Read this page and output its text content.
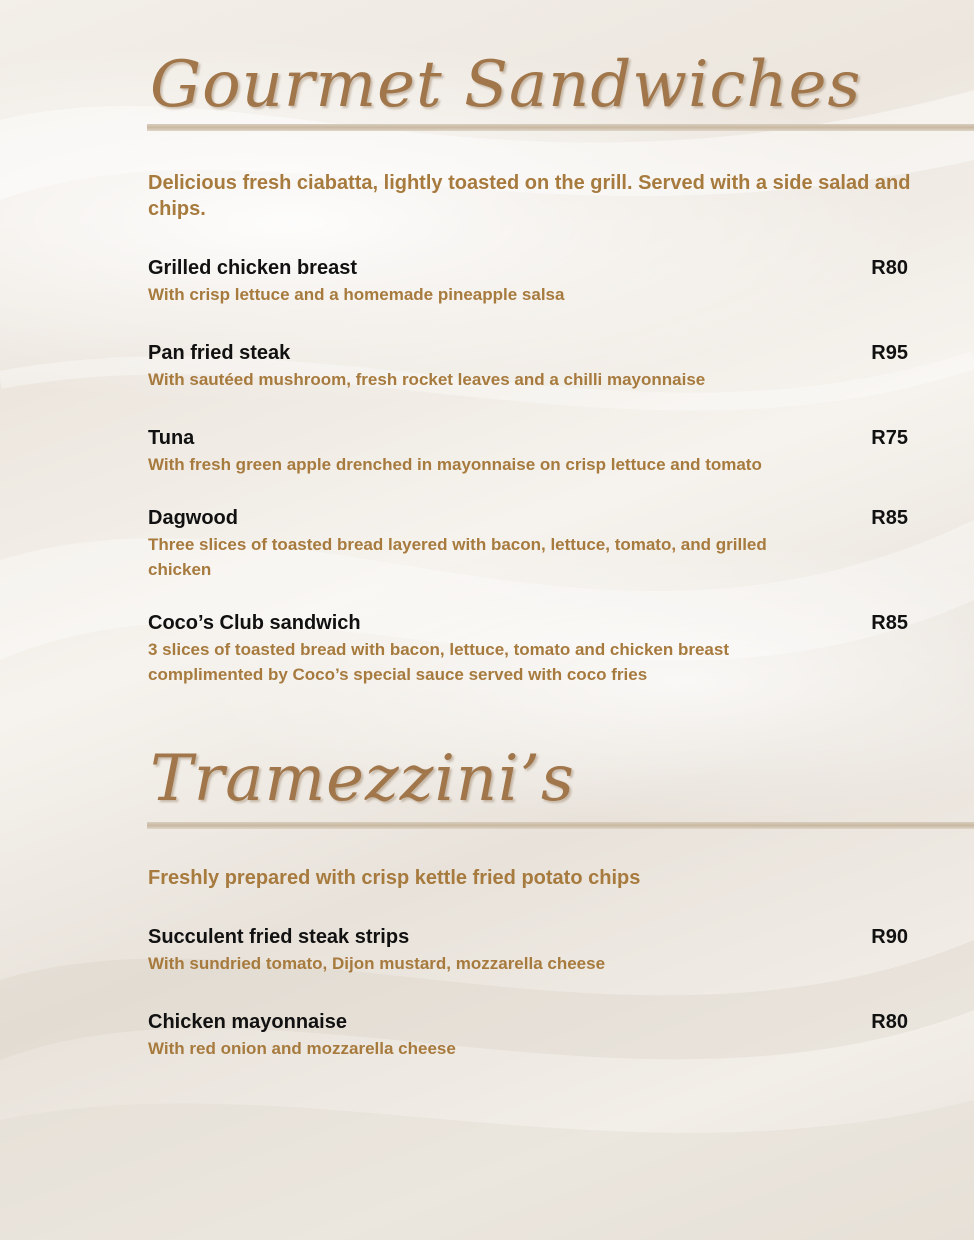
Gourmet Sandwiches
Delicious fresh ciabatta, lightly toasted on the grill. Served with a side salad and chips.
Grilled chicken breast	R80
With crisp lettuce and a homemade pineapple salsa
Pan fried steak	R95
With sautéed mushroom, fresh rocket leaves and a chilli mayonnaise
Tuna	R75
With fresh green apple drenched in mayonnaise on crisp lettuce and tomato
Dagwood	R85
Three slices of toasted bread layered with bacon, lettuce, tomato, and grilled chicken
Coco’s Club sandwich	R85
3 slices of toasted bread with bacon, lettuce, tomato and chicken breast complimented by Coco’s special sauce served with coco fries
Tramezzini’s
Freshly prepared with crisp kettle fried potato chips
Succulent fried steak strips	R90
With sundried tomato, Dijon mustard, mozzarella cheese
Chicken mayonnaise	R80
With red onion and mozzarella cheese
